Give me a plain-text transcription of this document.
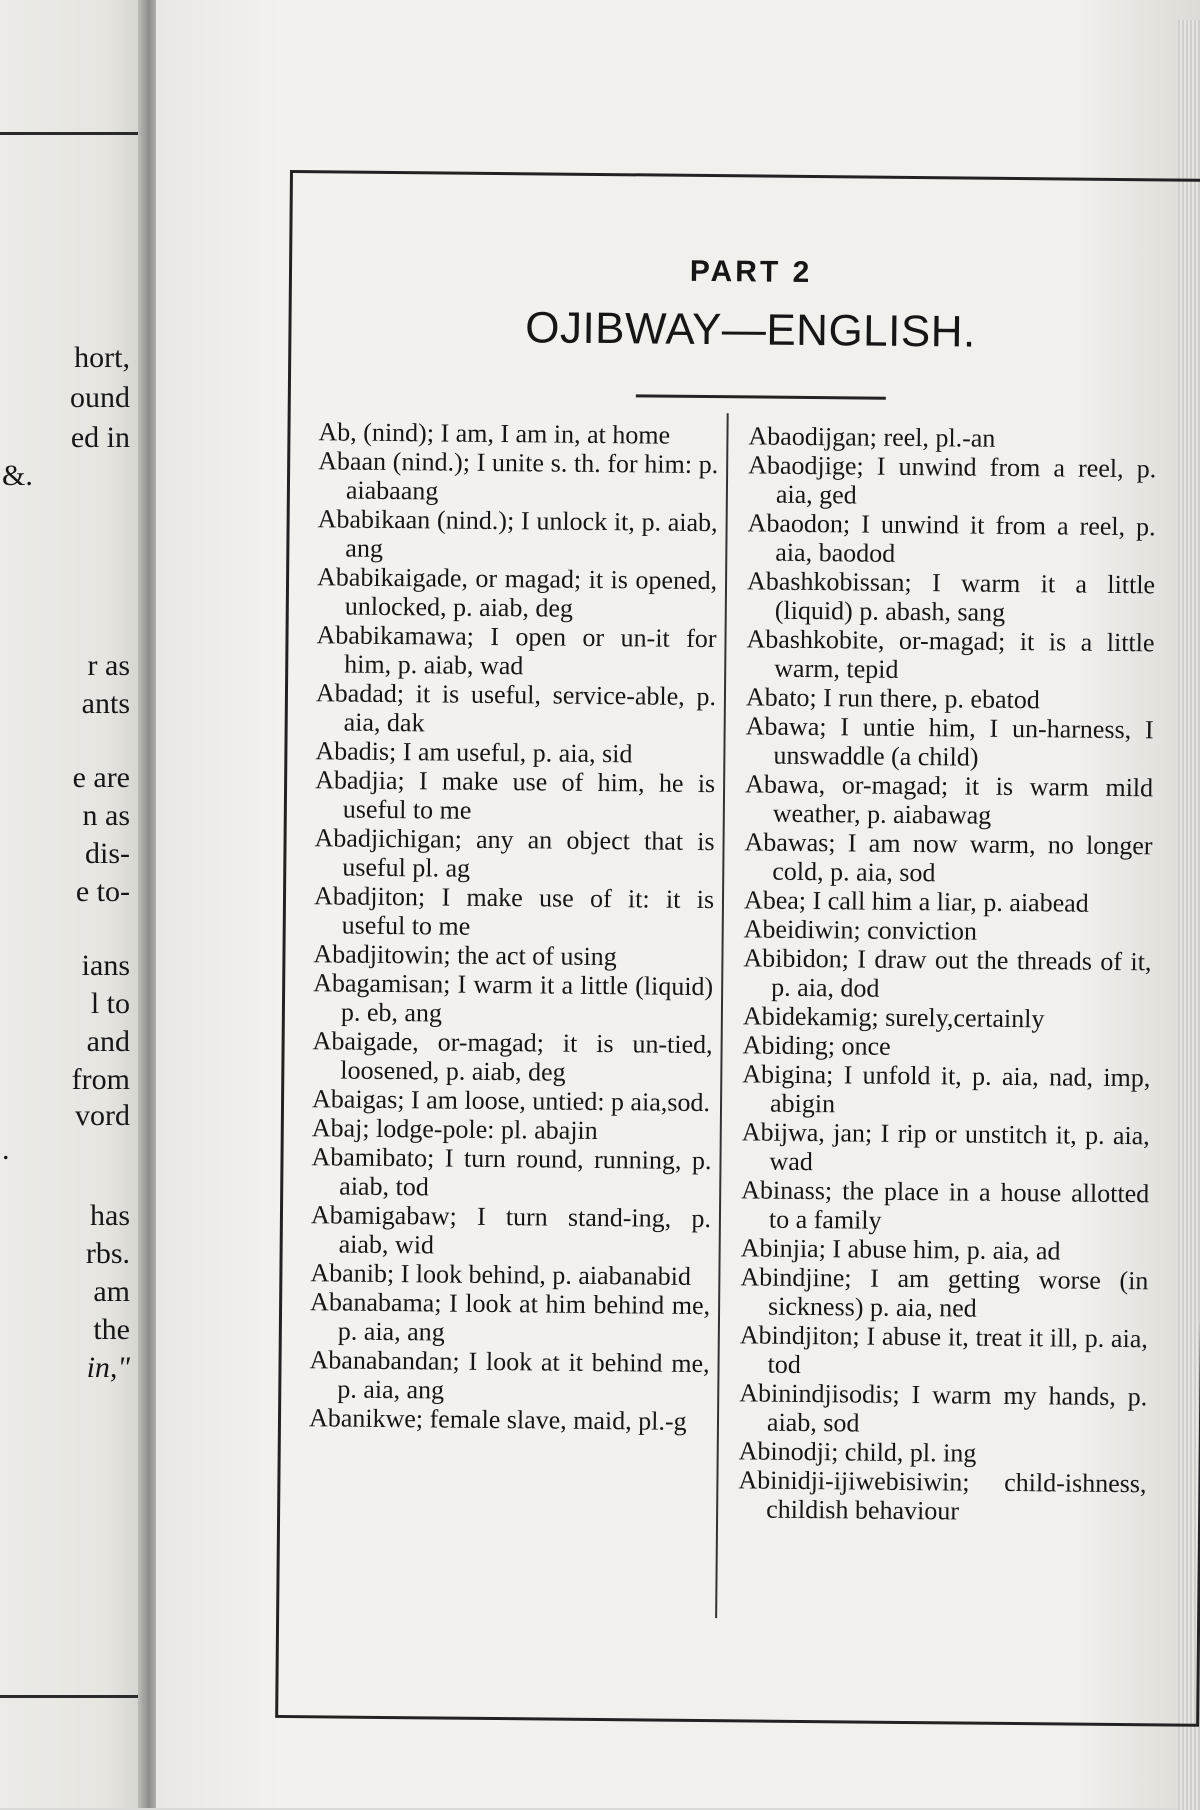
hort,
ound
ed in
&.
r as
ants
e are
n as
dis-
e to-
ians
l to
and
from
vord
.
has
rbs.
am
the
in,"
PART 2
OJIBWAY—ENGLISH.
Ab, (nind); I am, I am in, at home
Abaan (nind.); I unite s. th. for him: p. aiabaang
Ababikaan (nind.); I unlock it, p. aiab, ang
Ababikaigade, or magad; it is opened, unlocked, p. aiab, deg
Ababikamawa; I open or un-it for him, p. aiab, wad
Abadad; it is useful, service-able, p. aia, dak
Abadis; I am useful, p. aia, sid
Abadjia; I make use of him, he is useful to me
Abadjichigan; any an object that is useful pl. ag
Abadjiton; I make use of it: it is useful to me
Abadjitowin; the act of using
Abagamisan; I warm it a little (liquid) p. eb, ang
Abaigade, or-magad; it is un-tied, loosened, p. aiab, deg
Abaigas; I am loose, untied: p aia,sod.
Abaj; lodge-pole: pl. abajin
Abamibato; I turn round, running, p. aiab, tod
Abamigabaw; I turn stand-ing, p. aiab, wid
Abanib; I look behind, p. aiabanabid
Abanabama; I look at him behind me, p. aia, ang
Abanabandan; I look at it behind me, p. aia, ang
Abanikwe; female slave, maid, pl.-g
Abaodijgan; reel, pl.-an
Abaodjige; I unwind from a reel, p. aia, ged
Abaodon; I unwind it from a reel, p. aia, baodod
Abashkobissan; I warm it a little (liquid) p. abash, sang
Abashkobite, or-magad; it is a little warm, tepid
Abato; I run there, p. ebatod
Abawa; I untie him, I un-harness, I unswaddle (a child)
Abawa, or-magad; it is warm mild weather, p. aiabawag
Abawas; I am now warm, no longer cold, p. aia, sod
Abea; I call him a liar, p. aiabead
Abeidiwin; conviction
Abibidon; I draw out the threads of it, p. aia, dod
Abidekamig; surely,certainly
Abiding; once
Abigina; I unfold it, p. aia, nad, imp, abigin
Abijwa, jan; I rip or unstitch it, p. aia, wad
Abinass; the place in a house allotted to a family
Abinjia; I abuse him, p. aia, ad
Abindjine; I am getting worse (in sickness) p. aia, ned
Abindjiton; I abuse it, treat it ill, p. aia, tod
Abinindjisodis; I warm my hands, p. aiab, sod
Abinodji; child, pl. ing
Abinidji-ijiwebisiwin; child-ishness, childish behaviour
